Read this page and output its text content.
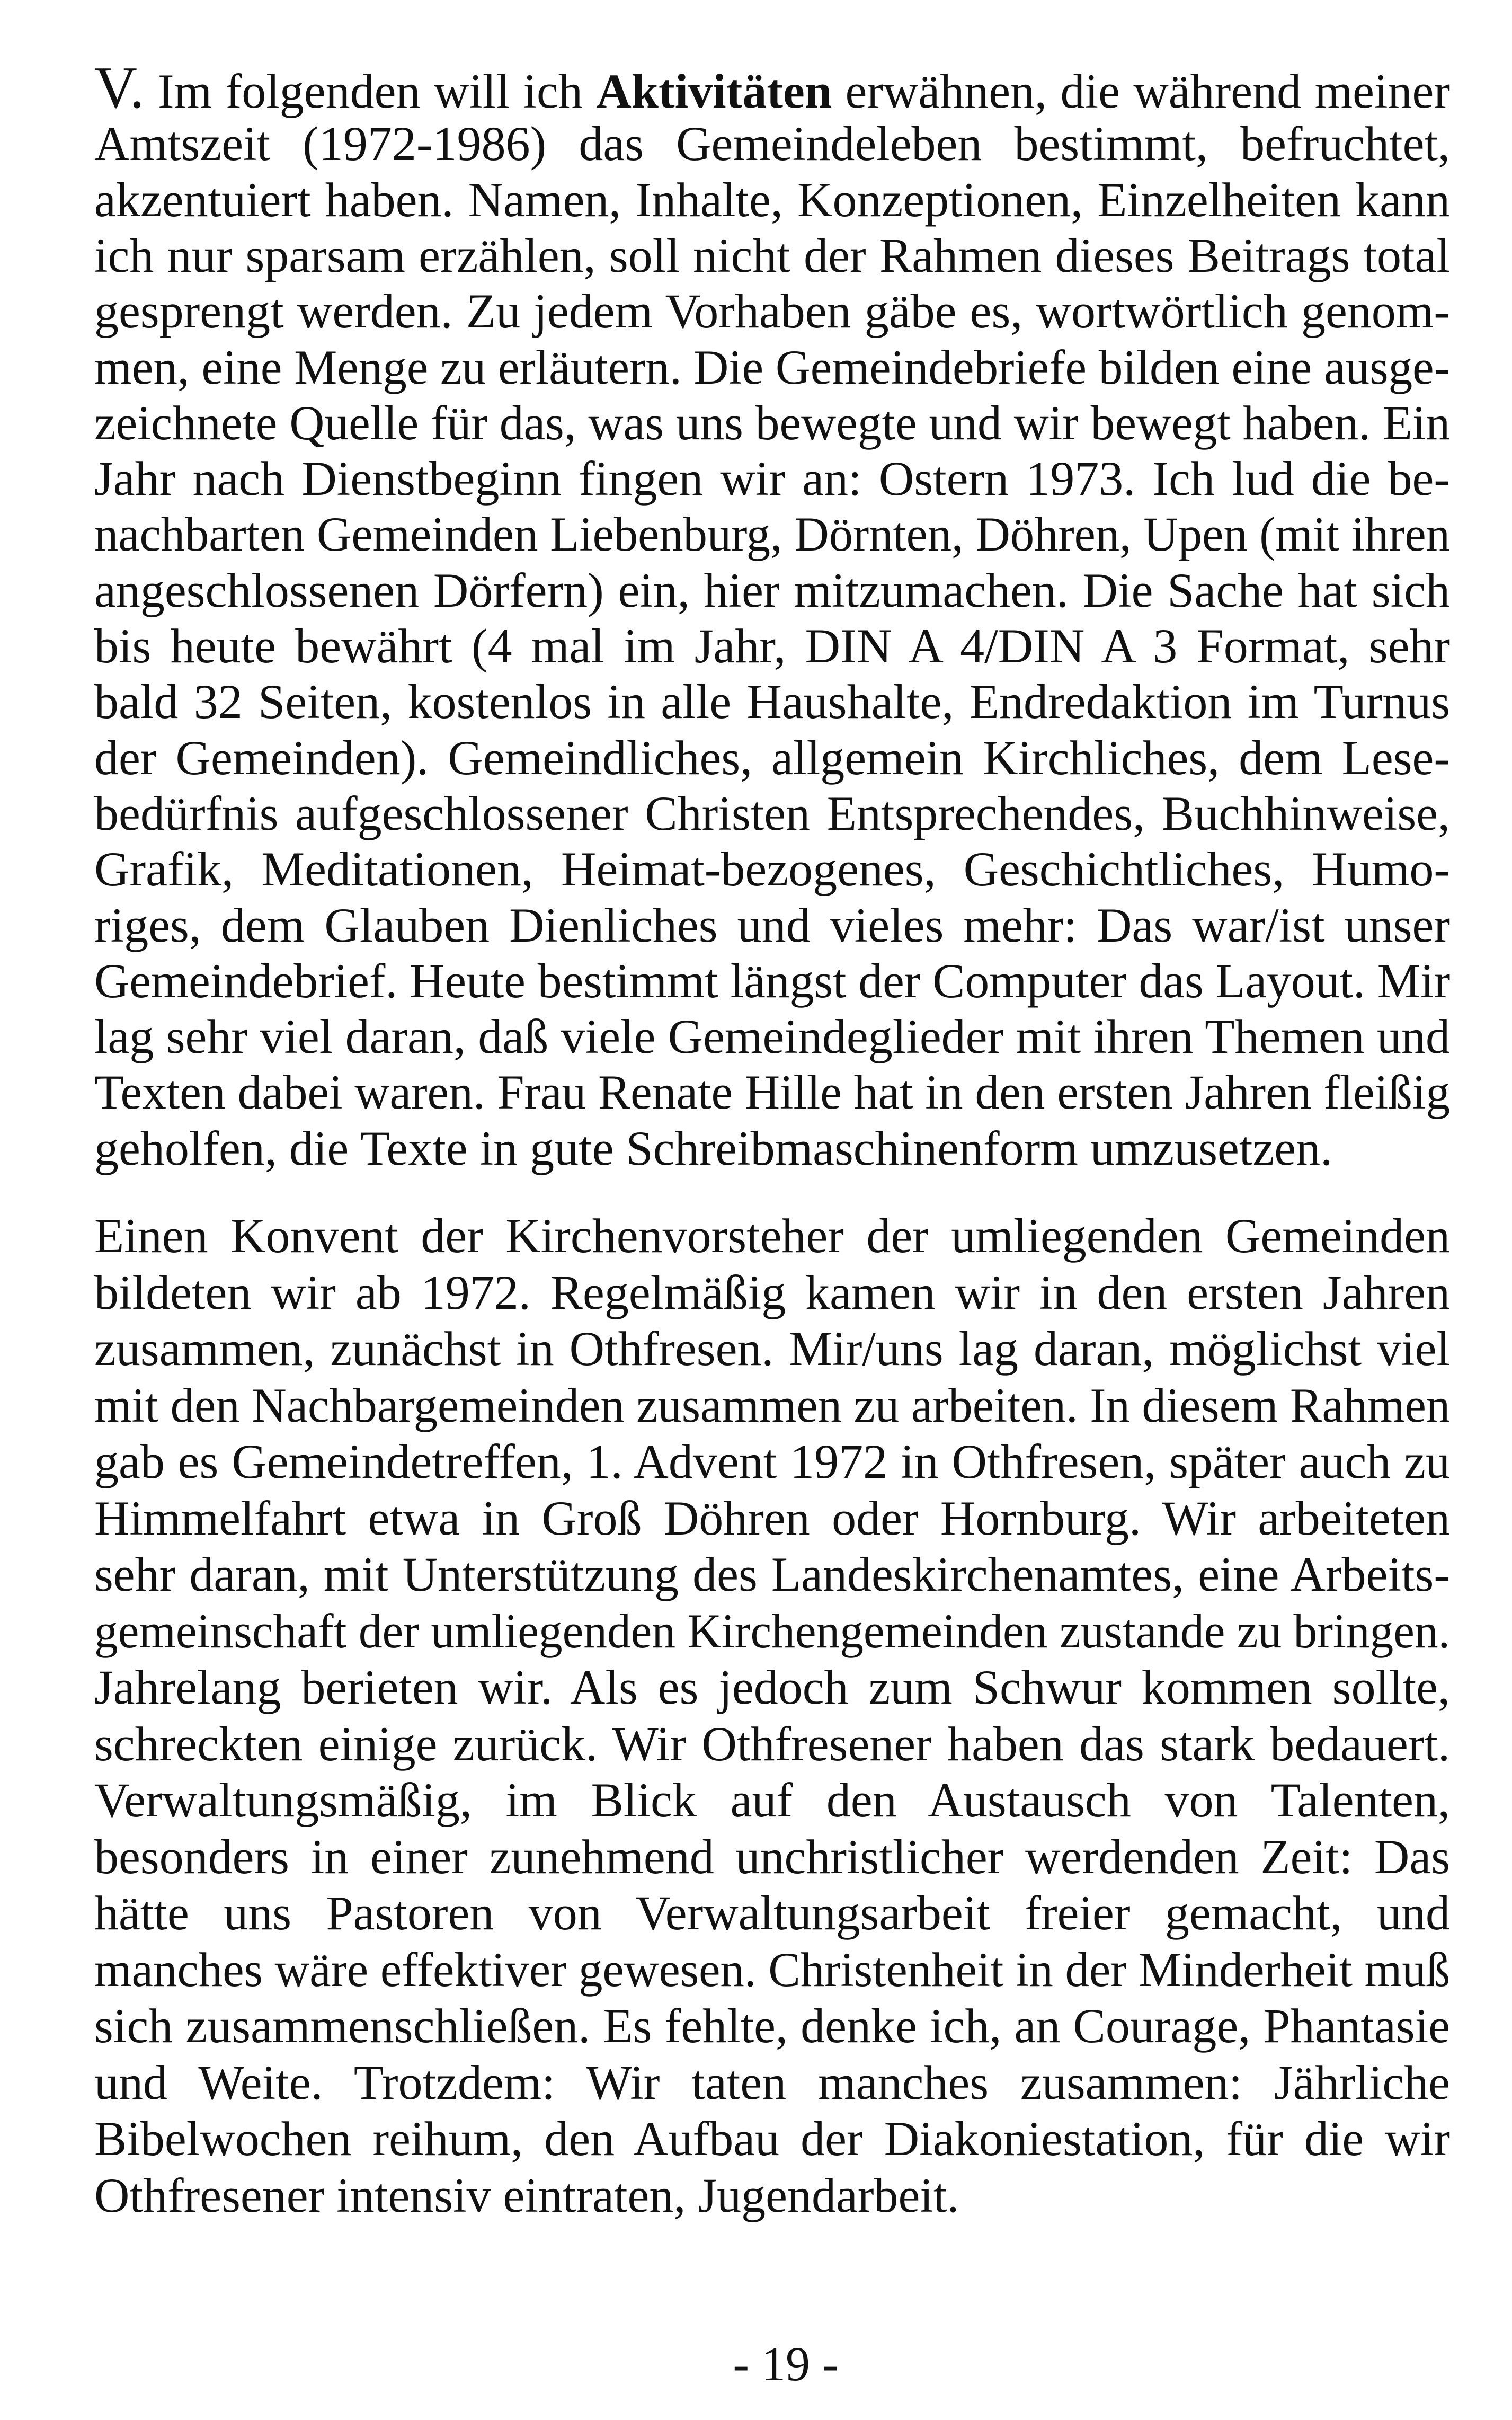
V. Im folgenden will ich Aktivitäten erwähnen, die während meiner
Amtszeit (1972-1986) das Gemeindeleben bestimmt, befruchtet,
akzentuiert haben. Namen, Inhalte, Konzeptionen, Einzelheiten kann
ich nur sparsam erzählen, soll nicht der Rahmen dieses Beitrags total
gesprengt werden. Zu jedem Vorhaben gäbe es, wortwörtlich genom-
men, eine Menge zu erläutern. Die Gemeindebriefe bilden eine ausge-
zeichnete Quelle für das, was uns bewegte und wir bewegt haben. Ein
Jahr nach Dienstbeginn fingen wir an: Ostern 1973. Ich lud die be-
nachbarten Gemeinden Liebenburg, Dörnten, Döhren, Upen (mit ihren
angeschlossenen Dörfern) ein, hier mitzumachen. Die Sache hat sich
bis heute bewährt (4 mal im Jahr, DIN A 4/DIN A 3 Format, sehr
bald 32 Seiten, kostenlos in alle Haushalte, Endredaktion im Turnus
der Gemeinden). Gemeindliches, allgemein Kirchliches, dem Lese-
bedürfnis aufgeschlossener Christen Entsprechendes, Buchhinweise,
Grafik, Meditationen, Heimat-bezogenes, Geschichtliches, Humo-
riges, dem Glauben Dienliches und vieles mehr: Das war/ist unser
Gemeindebrief. Heute bestimmt längst der Computer das Layout. Mir
lag sehr viel daran, daß viele Gemeindeglieder mit ihren Themen und
Texten dabei waren. Frau Renate Hille hat in den ersten Jahren fleißig
geholfen, die Texte in gute Schreibmaschinenform umzusetzen.
Einen Konvent der Kirchenvorsteher der umliegenden Gemeinden
bildeten wir ab 1972. Regelmäßig kamen wir in den ersten Jahren
zusammen, zunächst in Othfresen. Mir/uns lag daran, möglichst viel
mit den Nachbargemeinden zusammen zu arbeiten. In diesem Rahmen
gab es Gemeindetreffen, 1. Advent 1972 in Othfresen, später auch zu
Himmelfahrt etwa in Groß Döhren oder Hornburg. Wir arbeiteten
sehr daran, mit Unterstützung des Landeskirchenamtes, eine Arbeits-
gemeinschaft der umliegenden Kirchengemeinden zustande zu bringen.
Jahrelang berieten wir. Als es jedoch zum Schwur kommen sollte,
schreckten einige zurück. Wir Othfresener haben das stark bedauert.
Verwaltungsmäßig, im Blick auf den Austausch von Talenten,
besonders in einer zunehmend unchristlicher werdenden Zeit: Das
hätte uns Pastoren von Verwaltungsarbeit freier gemacht, und
manches wäre effektiver gewesen. Christenheit in der Minderheit muß
sich zusammenschließen. Es fehlte, denke ich, an Courage, Phantasie
und Weite. Trotzdem: Wir taten manches zusammen: Jährliche
Bibelwochen reihum, den Aufbau der Diakoniestation, für die wir
Othfresener intensiv eintraten, Jugendarbeit.
- 19 -
